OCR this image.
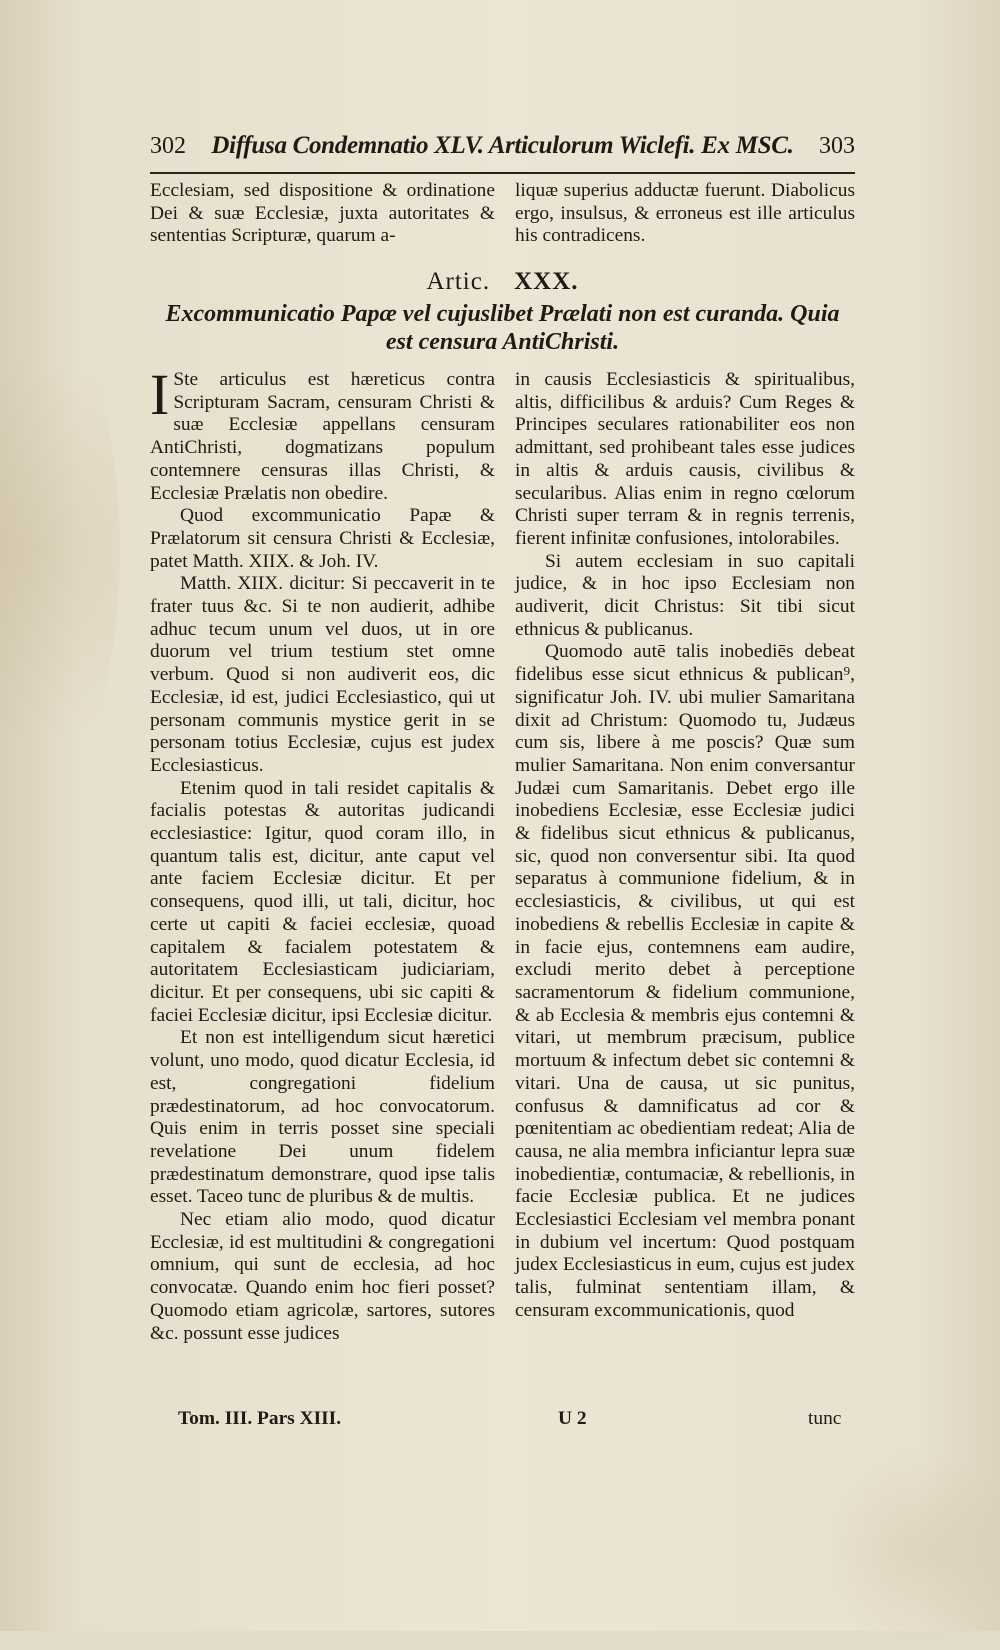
302 Diffusa Condemnatio XLV. Articulorum Wiclefi. Ex MSC. 303

Ecclesiam, sed dispositione & ordinatione Dei & suæ Ecclesiæ, juxta autoritates & sententias Scripturæ, quarum a-

liquæ superius adductæ fuerunt. Diabolicus ergo, insulsus, & erroneus est ille articulus his contradicens.

Artic. XXX.
Excommunicatio Papæ vel cujuslibet Prælati non est curanda. Quia est censura AntiChristi.

I Ste articulus est hæreticus contra Scripturam Sacram, censuram Christi & suæ Ecclesiæ appellans censuram AntiChristi, dogmatizans populum contemnere censuras illas Christi, & Ecclesiæ Prælatis non obedire.

Quod excommunicatio Papæ & Prælatorum sit censura Christi & Ecclesiæ, patet Matth. XIIX. & Joh. IV.

Matth. XIIX. dicitur: Si peccaverit in te frater tuus &c. Si te non audierit, adhibe adhuc tecum unum vel duos, ut in ore duorum vel trium testium stet omne verbum. Quod si non audiverit eos, dic Ecclesiæ, id est, judici Ecclesiastico, qui ut personam communis mystice gerit in se personam totius Ecclesiæ, cujus est judex Ecclesiasticus.

Etenim quod in tali residet capitalis & facialis potestas & autoritas judicandi ecclesiastice: Igitur, quod coram illo, in quantum talis est, dicitur, ante caput vel ante faciem Ecclesiæ dicitur. Et per consequens, quod illi, ut tali, dicitur, hoc certe ut capiti & faciei ecclesiæ, quoad capitalem & facialem potestatem & autoritatem Ecclesiasticam judiciariam, dicitur. Et per consequens, ubi sic capiti & faciei Ecclesiæ dicitur, ipsi Ecclesiæ dicitur.

Et non est intelligendum sicut hæretici volunt, uno modo, quod dicatur Ecclesia, id est, congregationi fidelium prædestinatorum, ad hoc convocatorum. Quis enim in terris posset sine speciali revelatione Dei unum fidelem prædestinatum demonstrare, quod ipse talis esset. Taceo tunc de pluribus & de multis.

Nec etiam alio modo, quod dicatur Ecclesiæ, id est multitudini & congregationi omnium, qui sunt de ecclesia, ad hoc convocatæ. Quando enim hoc fieri posset? Quomodo etiam agricolæ, sartores, sutores &c. possunt esse judices

in causis Ecclesiasticis & spiritualibus, altis, difficilibus & arduis? Cum Reges & Principes seculares rationabiliter eos non admittant, sed prohibeant tales esse judices in altis & arduis causis, civilibus & secularibus. Alias enim in regno cœlorum Christi super terram & in regnis terrenis, fierent infinitæ confusiones, intolorabiles.

Si autem ecclesiam in suo capitali judice, & in hoc ipso Ecclesiam non audiverit, dicit Christus: Sit tibi sicut ethnicus & publicanus.

Quomodo autē talis inobediēs debeat fidelibus esse sicut ethnicus & publican⁹, significatur Joh. IV. ubi mulier Samaritana dixit ad Christum: Quomodo tu, Judæus cum sis, libere à me poscis? Quæ sum mulier Samaritana. Non enim conversantur Judæi cum Samaritanis. Debet ergo ille inobediens Ecclesiæ, esse Ecclesiæ judici & fidelibus sicut ethnicus & publicanus, sic, quod non conversentur sibi. Ita quod separatus à communione fidelium, & in ecclesiasticis, & civilibus, ut qui est inobediens & rebellis Ecclesiæ in capite & in facie ejus, contemnens eam audire, excludi merito debet à perceptione sacramentorum & fidelium communione, & ab Ecclesia & membris ejus contemni & vitari, ut membrum præcisum, publice mortuum & infectum debet sic contemni & vitari. Una de causa, ut sic punitus, confusus & damnificatus ad cor & pœnitentiam ac obedientiam redeat; Alia de causa, ne alia membra inficiantur lepra suæ inobedientiæ, contumaciæ, & rebellionis, in facie Ecclesiæ publica. Et ne judices Ecclesiastici Ecclesiam vel membra ponant in dubium vel incertum: Quod postquam judex Ecclesiasticus in eum, cujus est judex talis, fulminat sententiam illam, & censuram excommunicationis, quod

Tom. III. Pars XIII.	U 2	tunc
